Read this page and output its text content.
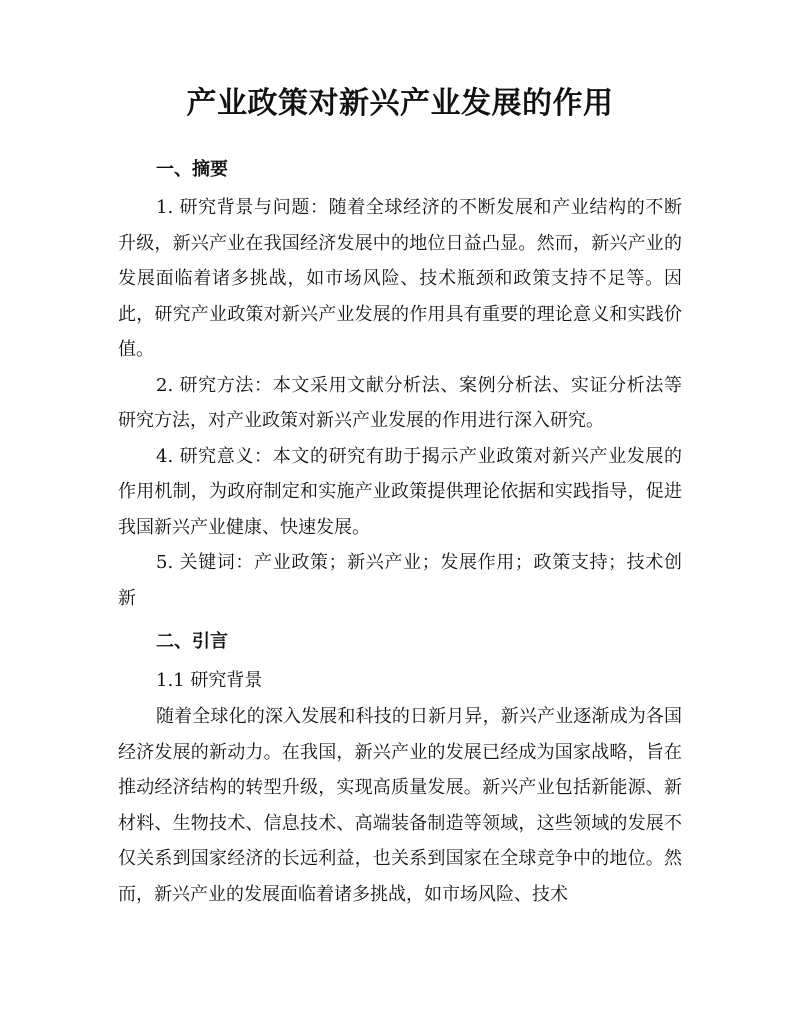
产业政策对新兴产业发展的作用
一、摘要

1. 研究背景与问题：随着全球经济的不断发展和产业结构的不断升级，新兴产业在我国经济发展中的地位日益凸显。然而，新兴产业的发展面临着诸多挑战，如市场风险、技术瓶颈和政策支持不足等。因此，研究产业政策对新兴产业发展的作用具有重要的理论意义和实践价值。

2. 研究方法：本文采用文献分析法、案例分析法、实证分析法等研究方法，对产业政策对新兴产业发展的作用进行深入研究。

4. 研究意义：本文的研究有助于揭示产业政策对新兴产业发展的作用机制，为政府制定和实施产业政策提供理论依据和实践指导，促进我国新兴产业健康、快速发展。

5. 关键词：产业政策；新兴产业；发展作用；政策支持；技术创新

二、引言

1.1 研究背景

随着全球化的深入发展和科技的日新月异，新兴产业逐渐成为各国经济发展的新动力。在我国，新兴产业的发展已经成为国家战略，旨在推动经济结构的转型升级，实现高质量发展。新兴产业包括新能源、新材料、生物技术、信息技术、高端装备制造等领域，这些领域的发展不仅关系到国家经济的长远利益，也关系到国家在全球竞争中的地位。然而，新兴产业的发展面临着诸多挑战，如市场风险、技术
